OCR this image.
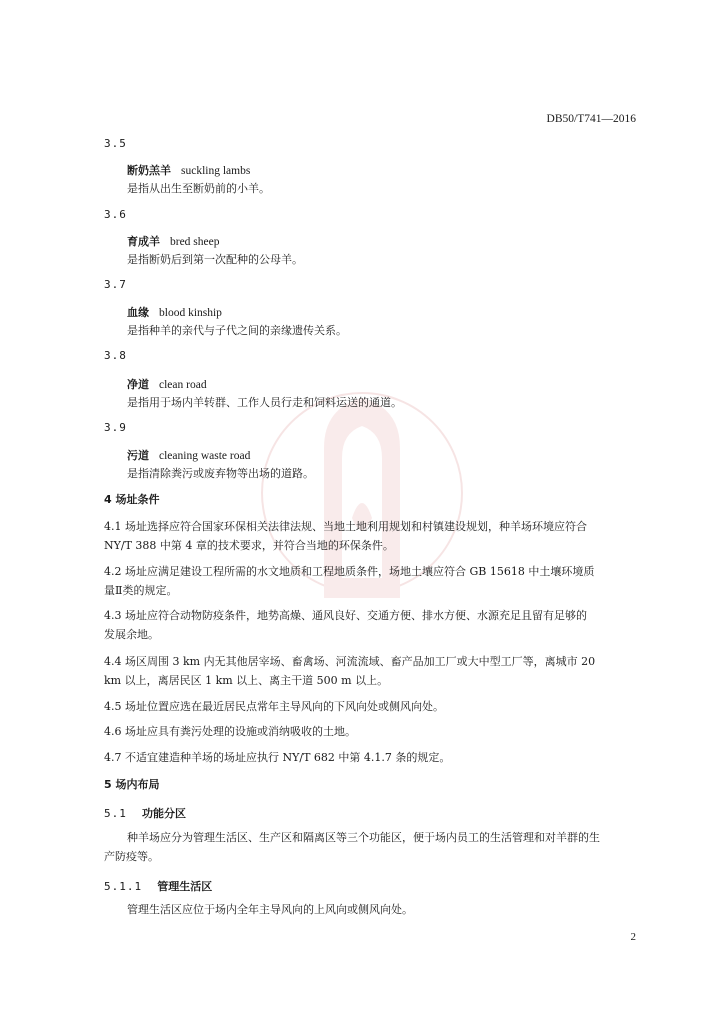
DB50/T741—2016
3.5
断奶羔羊 suckling lambs
是指从出生至断奶前的小羊。
3.6
育成羊 bred sheep
是指断奶后到第一次配种的公母羊。
3.7
血缘 blood kinship
是指种羊的亲代与子代之间的亲缘遗传关系。
3.8
净道 clean road
是指用于场内羊转群、工作人员行走和饲料运送的通道。
3.9
污道 cleaning waste road
是指清除粪污或废弃物等出场的道路。
4 场址条件
4.1 场址选择应符合国家环保相关法律法规、当地土地利用规划和村镇建设规划，种羊场环境应符合
NY/T 388 中第 4 章的技术要求，并符合当地的环保条件。
4.2 场址应满足建设工程所需的水文地质和工程地质条件，场地土壤应符合 GB 15618 中土壤环境质
量Ⅱ类的规定。
4.3 场址应符合动物防疫条件，地势高燥、通风良好、交通方便、排水方便、水源充足且留有足够的
发展余地。
4.4 场区周围 3 km 内无其他居宰场、畜禽场、河流流域、畜产品加工厂或大中型工厂等，离城市 20
km 以上，离居民区 1 km 以上、离主干道 500 m 以上。
4.5 场址位置应选在最近居民点常年主导风向的下风向处或侧风向处。
4.6 场址应具有粪污处理的设施或消纳吸收的土地。
4.7 不适宜建造种羊场的场址应执行 NY/T 682 中第 4.1.7 条的规定。
5 场内布局
5.1 功能分区
种羊场应分为管理生活区、生产区和隔离区等三个功能区，便于场内员工的生活管理和对羊群的生
产防疫等。
5.1.1 管理生活区
管理生活区应位于场内全年主导风向的上风向或侧风向处。
2
